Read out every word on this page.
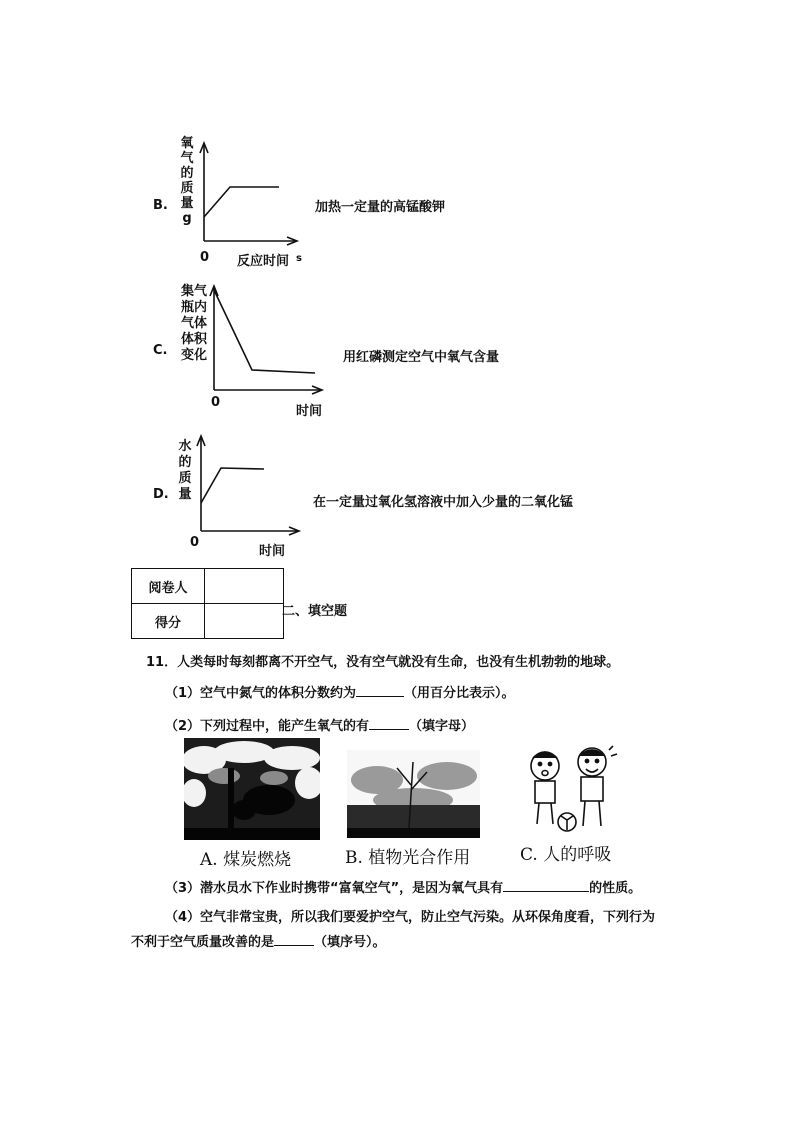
B.
氧
气
的
质
量
g
0 反应时间 s
加热一定量的高锰酸钾
C.
集气
瓶内
气体
体积
变化
0
时间
用红磷测定空气中氧气含量
D.
水
的
质
量
0
时间
在一定量过氧化氢溶液中加入少量的二氧化锰
阅卷人	
得分	
二、填空题
11．人类每时每刻都离不开空气，没有空气就没有生命，也没有生机勃勃的地球。
（1）空气中氮气的体积分数约为	（用百分比表示）。
（2）下列过程中，能产生氧气的有	（填字母）
A. 煤炭燃烧	B. 植物光合作用	C. 人的呼吸
（3）潜水员水下作业时携带“富氧空气”，是因为氧气具有	的性质。
（4）空气非常宝贵，所以我们要爱护空气，防止空气污染。从环保角度看，下列行为
不利于空气质量改善的是	（填序号）。
